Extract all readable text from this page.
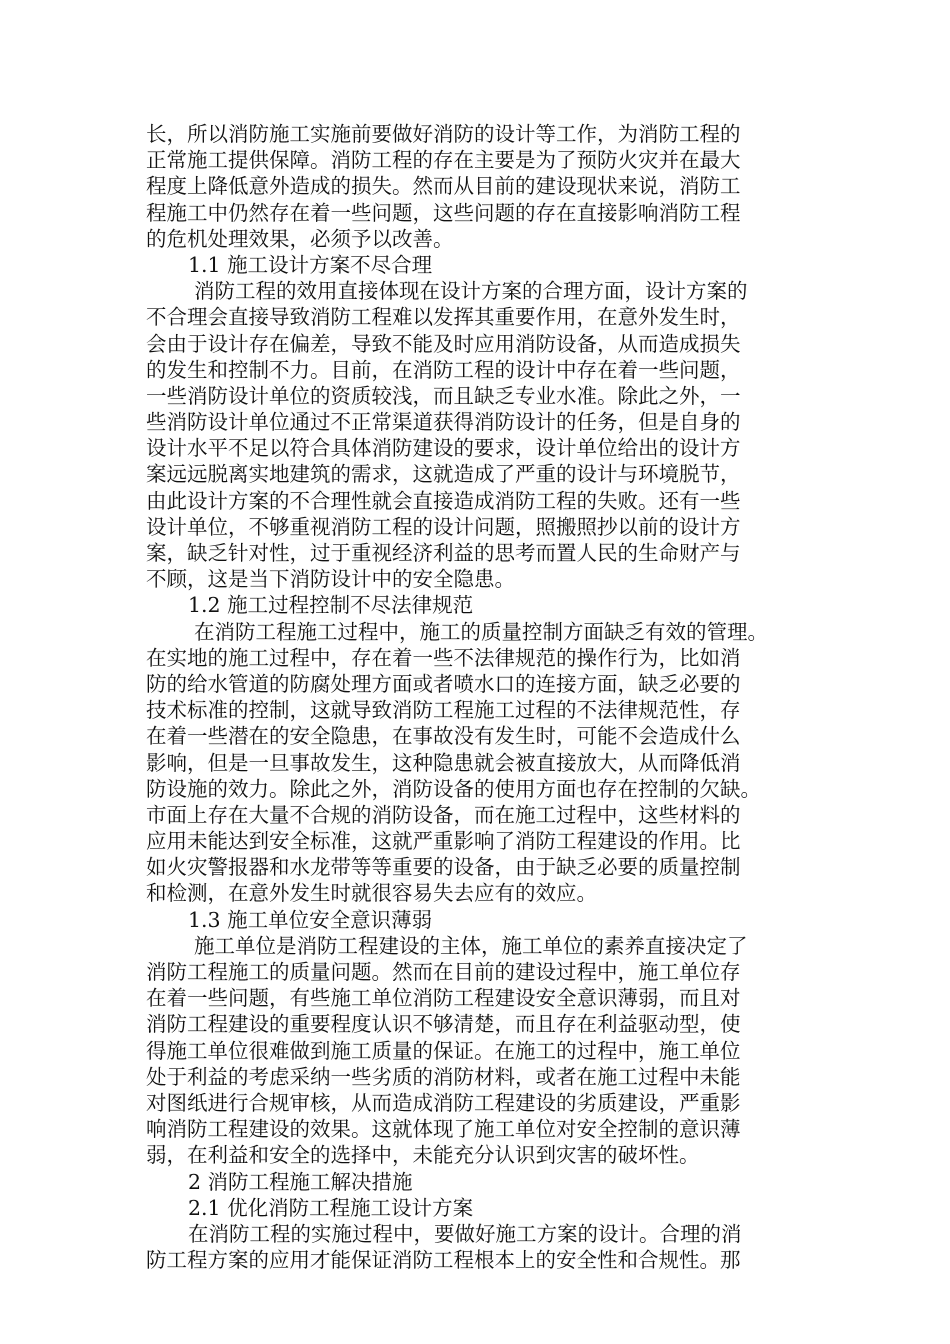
长，所以消防施工实施前要做好消防的设计等工作，为消防工程的
正常施工提供保障。消防工程的存在主要是为了预防火灾并在最大
程度上降低意外造成的损失。然而从目前的建设现状来说，消防工
程施工中仍然存在着一些问题，这些问题的存在直接影响消防工程
的危机处理效果，必须予以改善。
1.1 施工设计方案不尽合理
消防工程的效用直接体现在设计方案的合理方面，设计方案的
不合理会直接导致消防工程难以发挥其重要作用，在意外发生时，
会由于设计存在偏差，导致不能及时应用消防设备，从而造成损失
的发生和控制不力。目前，在消防工程的设计中存在着一些问题，
一些消防设计单位的资质较浅，而且缺乏专业水准。除此之外，一
些消防设计单位通过不正常渠道获得消防设计的任务，但是自身的
设计水平不足以符合具体消防建设的要求，设计单位给出的设计方
案远远脱离实地建筑的需求，这就造成了严重的设计与环境脱节，
由此设计方案的不合理性就会直接造成消防工程的失败。还有一些
设计单位，不够重视消防工程的设计问题，照搬照抄以前的设计方
案，缺乏针对性，过于重视经济利益的思考而置人民的生命财产与
不顾，这是当下消防设计中的安全隐患。
1.2 施工过程控制不尽法律规范
在消防工程施工过程中，施工的质量控制方面缺乏有效的管理。
在实地的施工过程中，存在着一些不法律规范的操作行为，比如消
防的给水管道的防腐处理方面或者喷水口的连接方面，缺乏必要的
技术标准的控制，这就导致消防工程施工过程的不法律规范性，存
在着一些潜在的安全隐患，在事故没有发生时，可能不会造成什么
影响，但是一旦事故发生，这种隐患就会被直接放大，从而降低消
防设施的效力。除此之外，消防设备的使用方面也存在控制的欠缺。
市面上存在大量不合规的消防设备，而在施工过程中，这些材料的
应用未能达到安全标准，这就严重影响了消防工程建设的作用。比
如火灾警报器和水龙带等等重要的设备，由于缺乏必要的质量控制
和检测，在意外发生时就很容易失去应有的效应。
1.3 施工单位安全意识薄弱
施工单位是消防工程建设的主体，施工单位的素养直接决定了
消防工程施工的质量问题。然而在目前的建设过程中，施工单位存
在着一些问题，有些施工单位消防工程建设安全意识薄弱，而且对
消防工程建设的重要程度认识不够清楚，而且存在利益驱动型，使
得施工单位很难做到施工质量的保证。在施工的过程中，施工单位
处于利益的考虑采纳一些劣质的消防材料，或者在施工过程中未能
对图纸进行合规审核，从而造成消防工程建设的劣质建设，严重影
响消防工程建设的效果。这就体现了施工单位对安全控制的意识薄
弱，在利益和安全的选择中，未能充分认识到灾害的破坏性。
2 消防工程施工解决措施
2.1 优化消防工程施工设计方案
在消防工程的实施过程中，要做好施工方案的设计。合理的消
防工程方案的应用才能保证消防工程根本上的安全性和合规性。那
